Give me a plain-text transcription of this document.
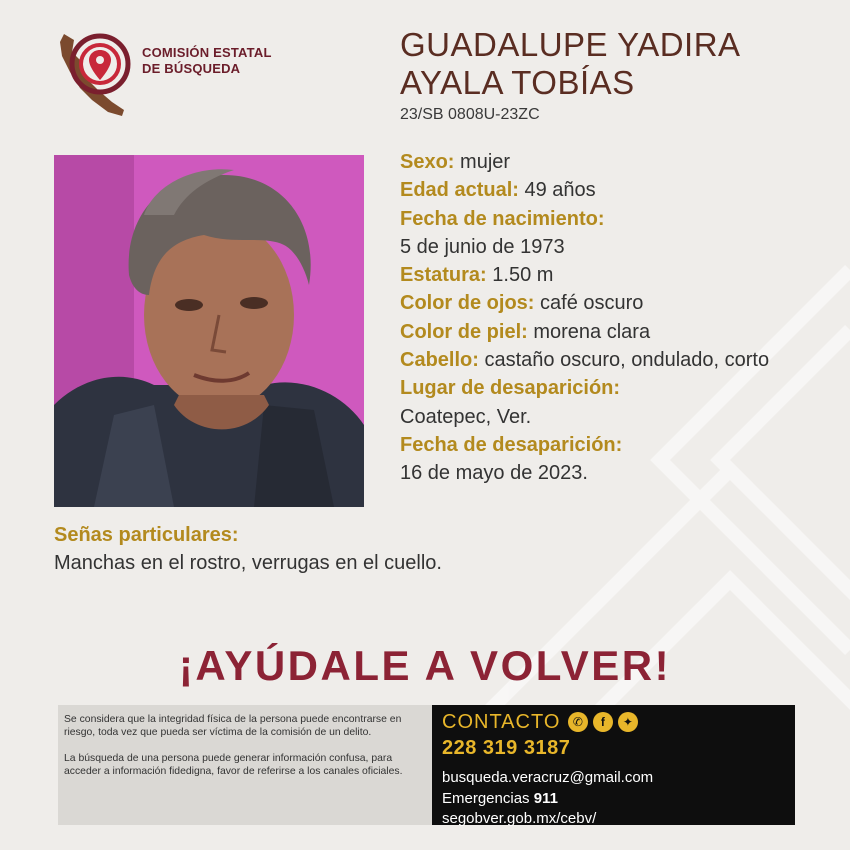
COMISIÓN ESTATAL
DE BÚSQUEDA
GUADALUPE YADIRA
AYALA TOBÍAS
23/SB 0808U-23ZC
Sexo: mujer
Edad actual: 49 años
Fecha de nacimiento:
5 de junio de 1973
Estatura: 1.50 m
Color de ojos: café oscuro
Color de piel: morena clara
Cabello: castaño oscuro, ondulado, corto
Lugar de desaparición:
Coatepec, Ver.
Fecha de desaparición:
16 de mayo de 2023.
Señas particulares:
Manchas en el rostro, verrugas en el cuello.
¡AYÚDALE A VOLVER!

Se considera que la integridad física de la persona puede encontrarse en riesgo, toda vez que pueda ser víctima de la comisión de un delito.

La búsqueda de una persona puede generar información confusa, para acceder a información fidedigna, favor de referirse a los canales oficiales.

CONTACTO	✆	f	✦
228 319 3187
busqueda.veracruz@gmail.com
Emergencias 911
segobver.gob.mx/cebv/
